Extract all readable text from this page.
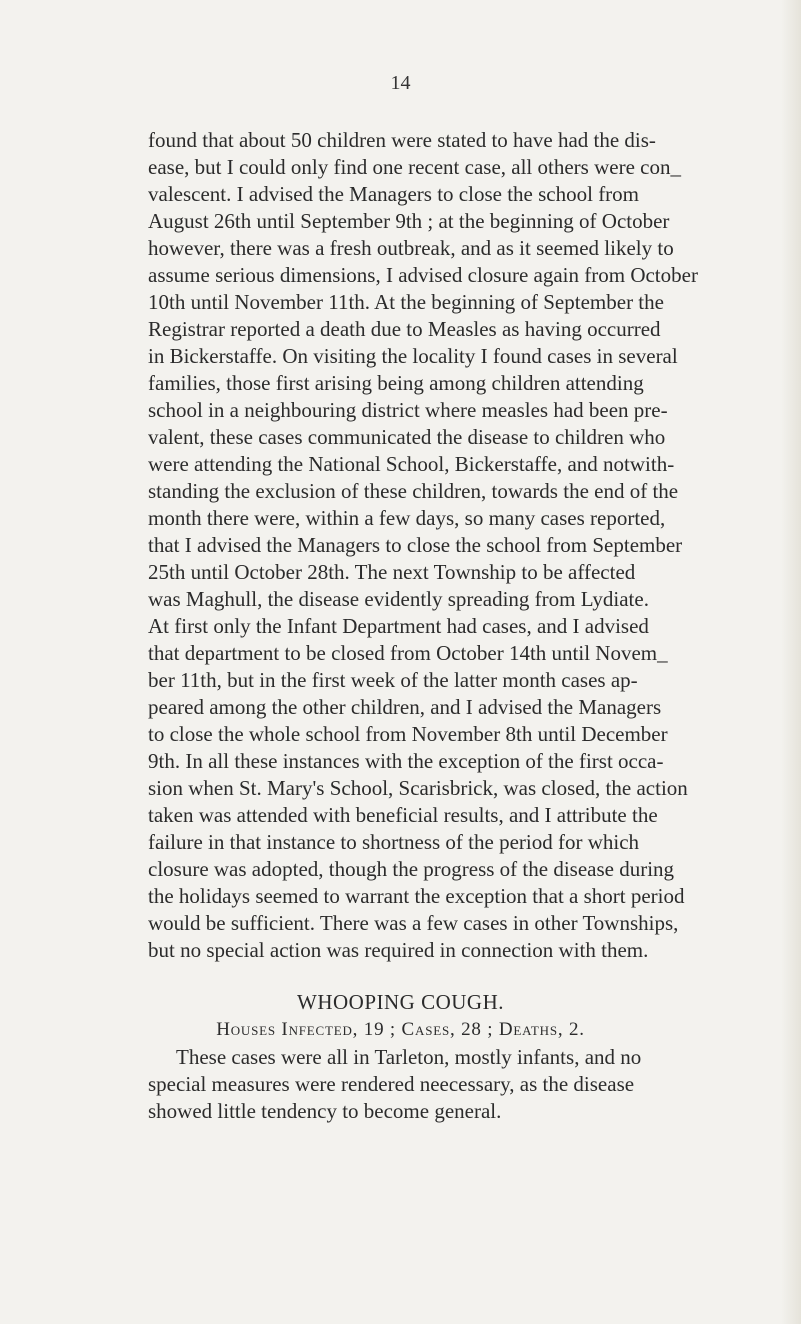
14
found that about 50 children were stated to have had the dis-
ease, but I could only find one recent case, all others were con_
valescent. I advised the Managers to close the school from
August 26th until September 9th ; at the beginning of October
however, there was a fresh outbreak, and as it seemed likely to
assume serious dimensions, I advised closure again from October
10th until November 11th. At the beginning of September the
Registrar reported a death due to Measles as having occurred
in Bickerstaffe. On visiting the locality I found cases in several
families, those first arising being among children attending
school in a neighbouring district where measles had been pre-
valent, these cases communicated the disease to children who
were attending the National School, Bickerstaffe, and notwith-
standing the exclusion of these children, towards the end of the
month there were, within a few days, so many cases reported,
that I advised the Managers to close the school from September
25th until October 28th. The next Township to be affected
was Maghull, the disease evidently spreading from Lydiate.
At first only the Infant Department had cases, and I advised
that department to be closed from October 14th until Novem_
ber 11th, but in the first week of the latter month cases ap-
peared among the other children, and I advised the Managers
to close the whole school from November 8th until December
9th. In all these instances with the exception of the first occa-
sion when St. Mary's School, Scarisbrick, was closed, the action
taken was attended with beneficial results, and I attribute the
failure in that instance to shortness of the period for which
closure was adopted, though the progress of the disease during
the holidays seemed to warrant the exception that a short period
would be sufficient. There was a few cases in other Townships,
but no special action was required in connection with them.
WHOOPING COUGH.
Houses Infected, 19 ; Cases, 28 ; Deaths, 2.
These cases were all in Tarleton, mostly infants, and no
special measures were rendered neecessary, as the disease
showed little tendency to become general.
